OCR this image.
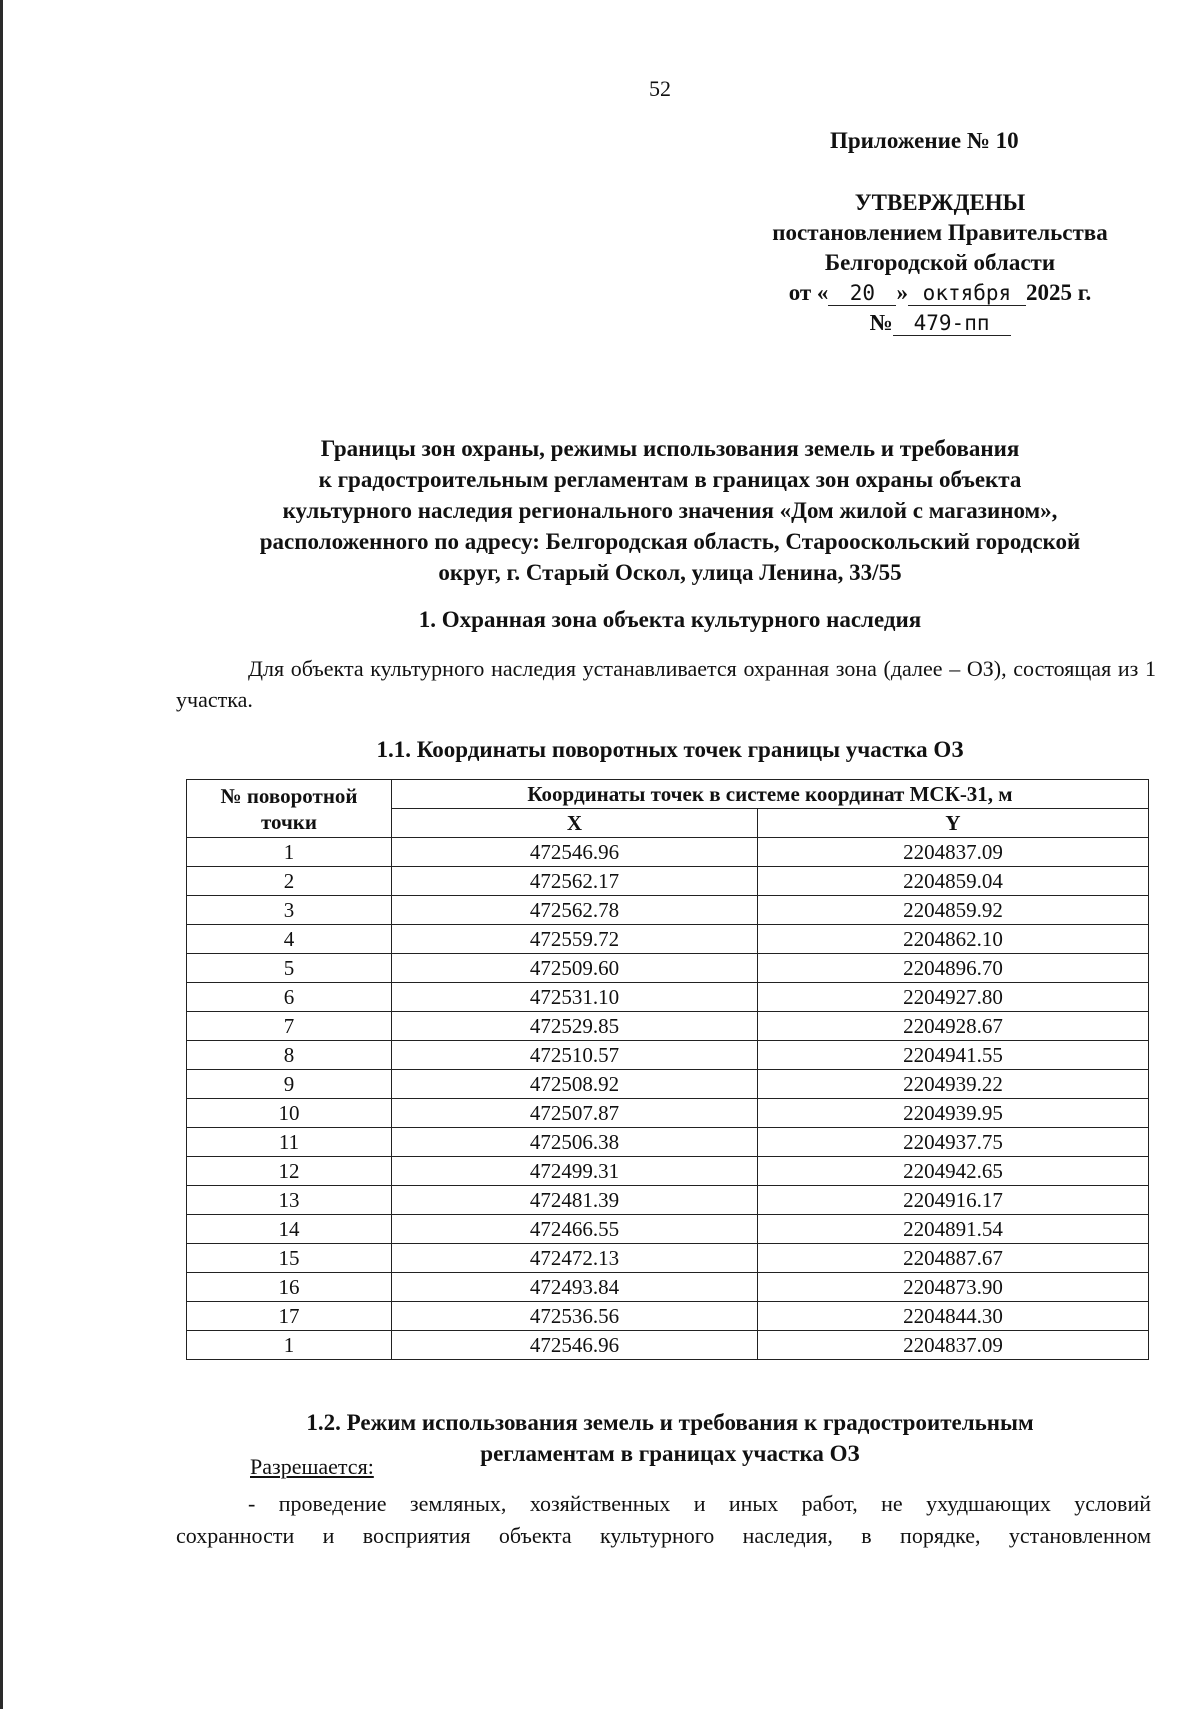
52
Приложение № 10
УТВЕРЖДЕНЫ
постановлением Правительства
Белгородской области
от « 20 » октября 2025 г.
№ 479-пп
Границы зон охраны, режимы использования земель и требования
к градостроительным регламентам в границах зон охраны объекта
культурного наследия регионального значения «Дом жилой с магазином»,
расположенного по адресу: Белгородская область, Старооскольский городской
округ, г. Старый Оскол, улица Ленина, 33/55
1. Охранная зона объекта культурного наследия
Для объекта культурного наследия устанавливается охранная зона (далее – ОЗ), состоящая из 1 участка.
1.1. Координаты поворотных точек границы участка ОЗ
№ поворотной
точки	Координаты точек в системе координат МСК-31, м	
	X	Y
1	472546.96	2204837.09
2	472562.17	2204859.04
3	472562.78	2204859.92
4	472559.72	2204862.10
5	472509.60	2204896.70
6	472531.10	2204927.80
7	472529.85	2204928.67
8	472510.57	2204941.55
9	472508.92	2204939.22
10	472507.87	2204939.95
11	472506.38	2204937.75
12	472499.31	2204942.65
13	472481.39	2204916.17
14	472466.55	2204891.54
15	472472.13	2204887.67
16	472493.84	2204873.90
17	472536.56	2204844.30
1	472546.96	2204837.09
1.2. Режим использования земель и требования к градостроительным
регламентам в границах участка ОЗ
Разрешается:
- проведение земляных, хозяйственных и иных работ, не ухудшающих условий
сохранности и восприятия объекта культурного наследия, в порядке, установленном
